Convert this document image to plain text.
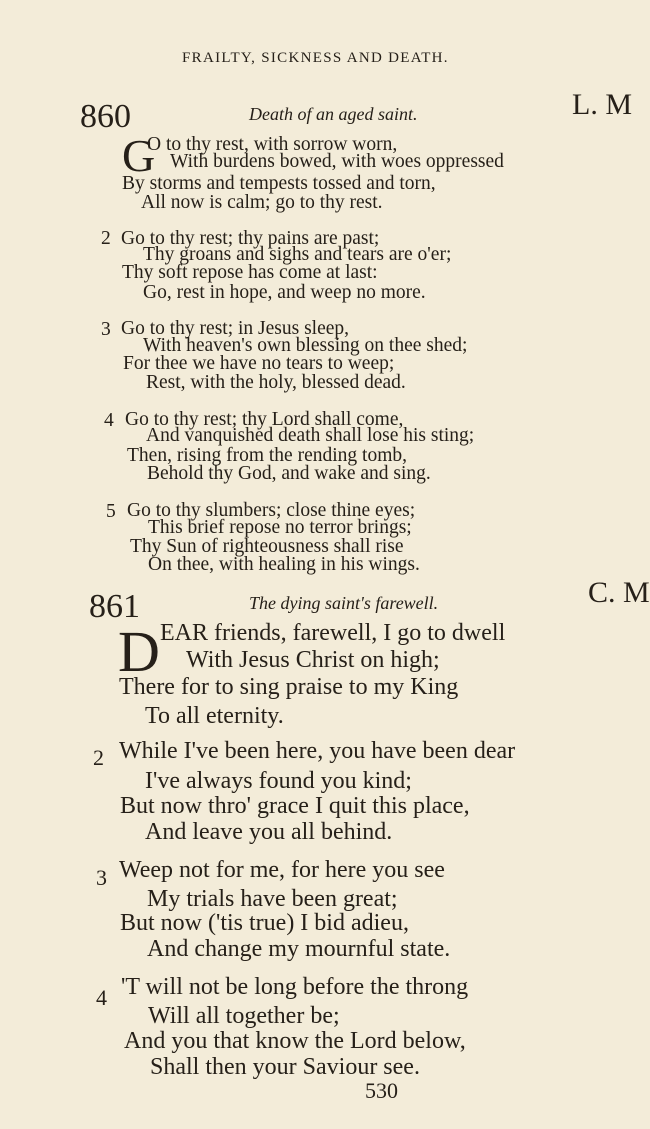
FRAILTY, SICKNESS AND DEATH.
860	Death of an aged saint.	L. M
G
O to thy rest, with sorrow worn,
With burdens bowed, with woes oppressed
By storms and tempests tossed and torn,
All now is calm; go to thy rest.
2 Go to thy rest; thy pains are past;
Thy groans and sighs and tears are o'er;
Thy soft repose has come at last:
Go, rest in hope, and weep no more.
3 Go to thy rest; in Jesus sleep,
With heaven's own blessing on thee shed;
For thee we have no tears to weep;
Rest, with the holy, blessed dead.
4 Go to thy rest; thy Lord shall come,
And vanquished death shall lose his sting;
Then, rising from the rending tomb,
Behold thy God, and wake and sing.
5 Go to thy slumbers; close thine eyes;
This brief repose no terror brings;
Thy Sun of righteousness shall rise
On thee, with healing in his wings.
861	The dying saint's farewell.	C. M
D EAR friends, farewell, I go to dwell
With Jesus Christ on high;
There for to sing praise to my King
To all eternity.
2 While I've been here, you have been dear
I've always found you kind;
But now thro' grace I quit this place,
And leave you all behind.
3 Weep not for me, for here you see
My trials have been great;
But now ('tis true) I bid adieu,
And change my mournful state.
4 'T will not be long before the throng
Will all together be;
And you that know the Lord below,
Shall then your Saviour see.
530
